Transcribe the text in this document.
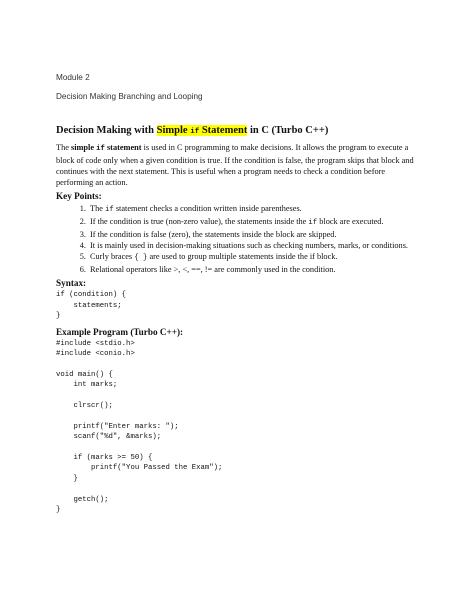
Module 2
Decision Making Branching and Looping
Decision Making with Simple if Statement in C (Turbo C++)

The simple if statement is used in C programming to make decisions. It allows the program to execute a block of code only when a given condition is true. If the condition is false, the program skips that block and continues with the next statement. This is useful when a program needs to check a condition before performing an action.

Key Points:
1. The if statement checks a condition written inside parentheses.
2. If the condition is true (non-zero value), the statements inside the if block are executed.
3. If the condition is false (zero), the statements inside the block are skipped.
4. It is mainly used in decision-making situations such as checking numbers, marks, or conditions.
5. Curly braces { } are used to group multiple statements inside the if block.
6. Relational operators like >, <, ==, != are commonly used in the condition.
Syntax:
if (condition) {
statements;
}
Example Program (Turbo C++):
#include <stdio.h>
#include <conio.h>

void main() {
int marks;

clrscr();

printf("Enter marks: ");
scanf("%d", &marks);

if (marks >= 50) {
printf("You Passed the Exam");
}

getch();
}
